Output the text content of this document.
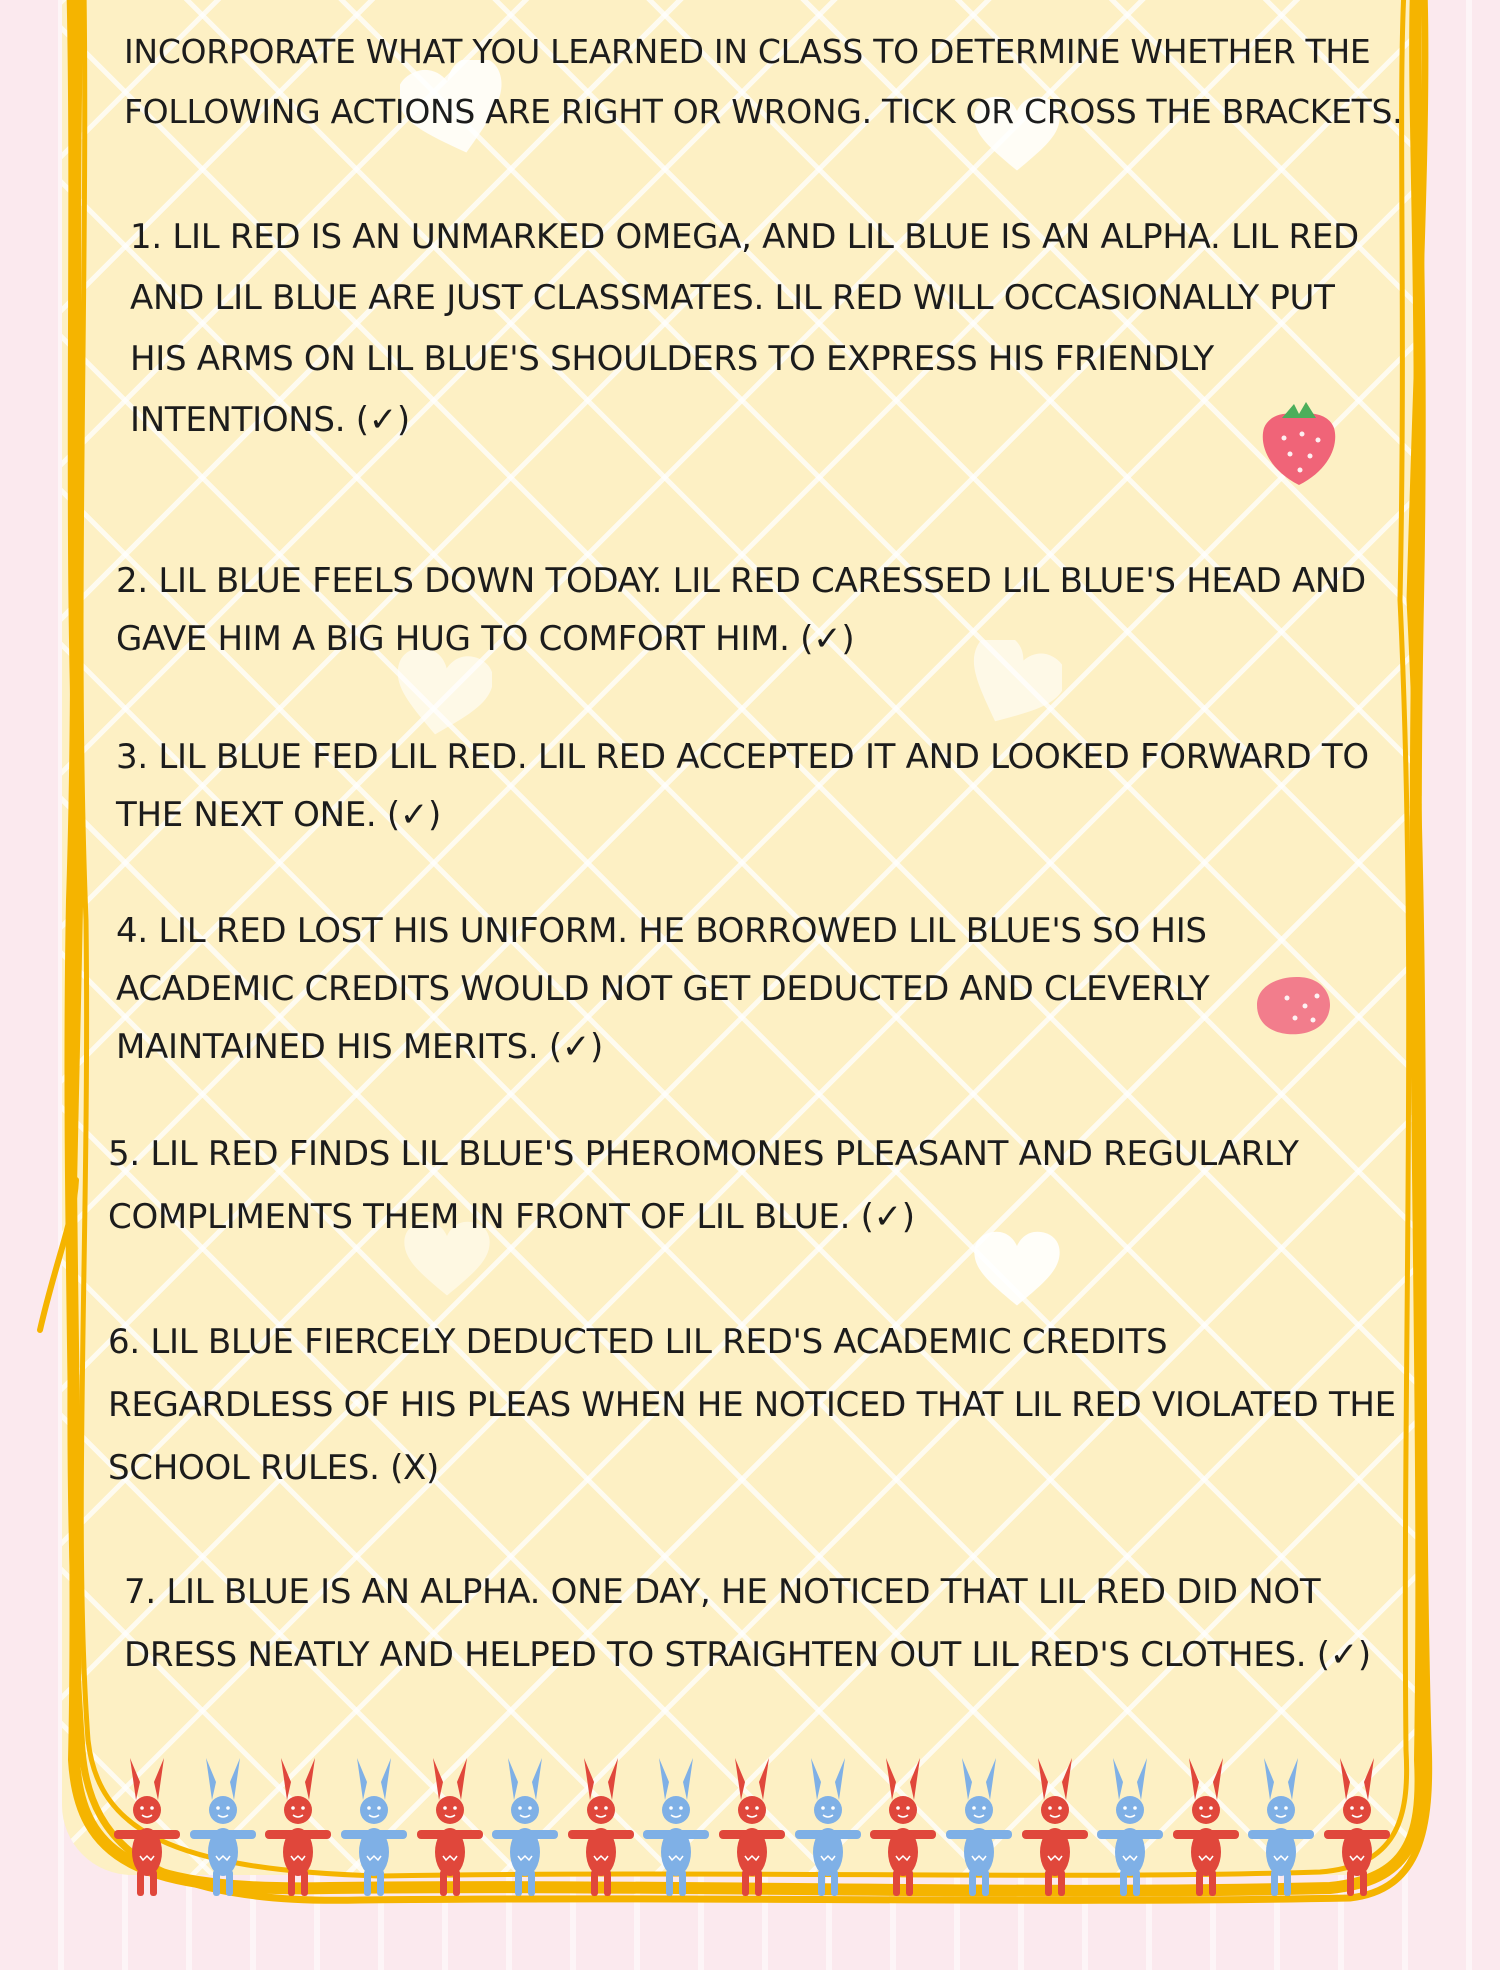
INCORPORATE WHAT YOU LEARNED IN CLASS TO DETERMINE WHETHER THE
FOLLOWING ACTIONS ARE RIGHT OR WRONG. TICK OR CROSS THE BRACKETS.
1. LIL RED IS AN UNMARKED OMEGA, AND LIL BLUE IS AN ALPHA. LIL RED AND LIL BLUE ARE JUST CLASSMATES. LIL RED WILL OCCASIONALLY PUT HIS ARMS ON LIL BLUE'S SHOULDERS TO EXPRESS HIS FRIENDLY INTENTIONS. (✓)
2. LIL BLUE FEELS DOWN TODAY. LIL RED CARESSED LIL BLUE'S HEAD AND GAVE HIM A BIG HUG TO COMFORT HIM. (✓)
3. LIL BLUE FED LIL RED. LIL RED ACCEPTED IT AND LOOKED FORWARD TO THE NEXT ONE. (✓)
4. LIL RED LOST HIS UNIFORM. HE BORROWED LIL BLUE'S SO HIS ACADEMIC CREDITS WOULD NOT GET DEDUCTED AND CLEVERLY MAINTAINED HIS MERITS. (✓)
5. LIL RED FINDS LIL BLUE'S PHEROMONES PLEASANT AND REGULARLY COMPLIMENTS THEM IN FRONT OF LIL BLUE. (✓)
6. LIL BLUE FIERCELY DEDUCTED LIL RED'S ACADEMIC CREDITS REGARDLESS OF HIS PLEAS WHEN HE NOTICED THAT LIL RED VIOLATED THE SCHOOL RULES. (X)
7. LIL BLUE IS AN ALPHA. ONE DAY, HE NOTICED THAT LIL RED DID NOT DRESS NEATLY AND HELPED TO STRAIGHTEN OUT LIL RED'S CLOTHES. (✓)
